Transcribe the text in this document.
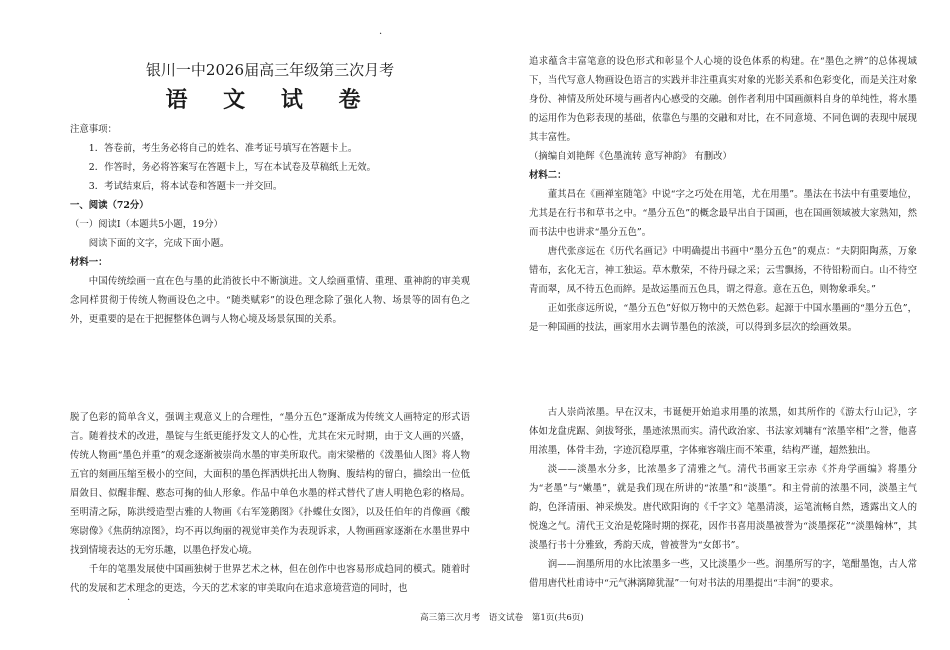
·
银川一中2026届高三年级第三次月考
语 文 试 卷

注意事项：

1．答卷前，考生务必将自己的姓名、准考证号填写在答题卡上。

2．作答时，务必将答案写在答题卡上，写在本试卷及草稿纸上无效。

3．考试结束后，将本试卷和答题卡一并交回。

一、阅读（72分）

（一）阅读Ⅰ（本题共5小题，19分）

阅读下面的文字，完成下面小题。

材料一：

中国传统绘画一直在色与墨的此消彼长中不断演进。文人绘画重情、重理、重神韵的审美观念同样贯彻于传统人物画设色之中。“随类赋彩”的设色理念除了强化人物、场景等的固有色之外，更重要的是在于把握整体色调与人物心境及场景氛围的关系。

脱了色彩的简单含义，强调主观意义上的合理性，“墨分五色”逐渐成为传统文人画特定的形式语言。随着技术的改进，墨锭与生纸更能抒发文人的心性，尤其在宋元时期，由于文人画的兴盛，传统人物画“墨色并重”的观念逐渐被崇尚水墨的审美所取代。南宋梁楷的《泼墨仙人图》将人物五官的刻画压缩至极小的空间，大面积的墨色挥洒烘托出人物胸、腹结构的留白，描绘出一位低眉敛目、似醒非醒、憨态可掬的仙人形象。作品中单色水墨的样式替代了唐人明艳色彩的格局。至明清之际，陈洪绶造型古雅的人物画《右军笼鹅图》《扑蝶仕女图》，以及任伯年的肖像画《酸寒尉像》《焦荫纳凉图》，均不再以绚丽的视觉审美作为表现诉求，人物画画家逐渐在水墨世界中找到情境表达的无穷乐趣，以墨色抒发心境。

千年的笔墨发展使中国画独树于世界艺术之林，但在创作中也容易形成趋同的模式。随着时代的发展和艺术理念的更迭，今天的艺术家的审美取向在追求意境营造的同时，也

追求蕴含丰富笔意的设色形式和彰显个人心境的设色体系的构建。在“墨色之辨”的总体视域下，当代写意人物画设色语言的实践并非注重真实对象的光影关系和色彩变化，而是关注对象身份、神情及所处环境与画者内心感受的交融。创作者利用中国画颜料自身的单纯性，将水墨的运用作为色彩表现的基础，依靠色与墨的交融和对比，在不同意境、不同色调的表现中展现其丰富性。

（摘编自刘艳辉《色墨流转 意写神韵》 有删改）

材料二：

董其昌在《画禅室随笔》中说“字之巧处在用笔，尤在用墨”。墨法在书法中有重要地位，尤其是在行书和草书之中。“墨分五色”的概念最早出自于国画，也在国画领域被大家熟知，然而书法中也讲求“墨分五色”。

唐代张彦远在《历代名画记》中明确提出书画中“墨分五色”的观点：“夫阴阳陶蒸，万象错布，玄化无言，神工独运。草木敷荣，不待丹碌之采；云雪飘扬，不待铅粉而白。山不待空青而翠，凤不待五色而綷。是故运墨而五色具，谓之得意。意在五色，则物象乖矣。”

正如张彦远所说，“墨分五色”好似万物中的天然色彩。起源于中国水墨画的“墨分五色”，是一种国画的技法，画家用水去调节墨色的浓淡，可以得到多层次的绘画效果。

古人崇尚浓墨。早在汉末，韦诞便开始追求用墨的浓黑，如其所作的《游太行山记》，字体如龙盘虎踞、剑拔弩张，墨迹浓黑而实。清代政治家、书法家刘墉有“浓墨宰相”之誉，他喜用浓墨，体骨丰劲，字迹沉稳厚重，字体雍容端庄而不笨重，结构严谨，超然独出。

淡——淡墨水分多，比浓墨多了清雅之气。清代书画家王宗赤《芥舟学画编》将墨分为“老墨”与“嫩墨”，就是我们现在所讲的“浓墨”和“淡墨”。和主骨前的浓墨不同，淡墨主气韵，色泽清丽、神采焕发。唐代欧阳询的《千字文》笔墨清淡，运笔流畅自然，透露出文人的悦逸之气。清代王文治是乾隆时期的探花，因作书喜用淡墨被誉为“淡墨探花”“淡墨翰林”，其淡墨行书十分雅致，秀韵天成，曾被誉为“女郎书”。

润——润墨所用的水比浓墨多一些，又比淡墨少一些。润墨所写的字，笔酣墨饱，古人常借用唐代杜甫诗中“元气淋漓障犹湿”一句对书法的用墨提出“丰润”的要求。

·
高三第三次月考　语文试卷　第1页(共6页)
